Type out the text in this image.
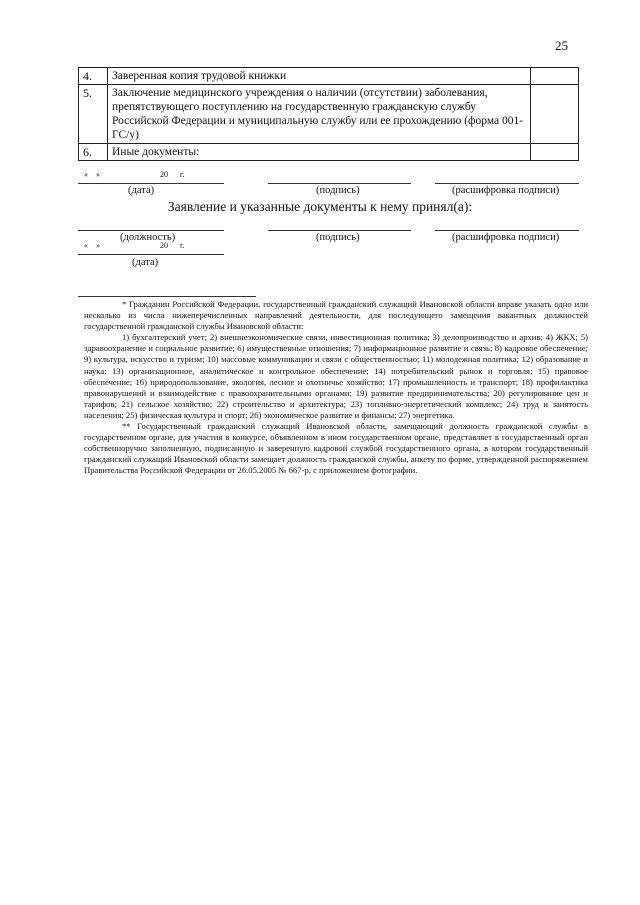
25
4.	Заверенная копия трудовой книжки	
5.	Заключение медицинского учреждения о наличии (отсутствии) заболевания, препятствующего поступлению на государственную гражданскую службу Российской Федерации и муниципальную службу или ее прохождению (форма 001-ГС/у)	
6.	Иные документы:	
«    »                              20      г.
(дата)	(подпись)	(расшифровка подписи)
Заявление и указанные документы к нему принял(а):
(должность)	(подпись)	(расшифровка подписи)
«    »                              20      г.
(дата)

* Гражданин Российской Федерации, государственный гражданский служащий Ивановской области вправе указать одно или несколько из числа нижеперечисленных направлений деятельности, для последующего замещения вакантных должностей государственной гражданской службы Ивановской области:

1) бухгалтерский учет; 2) внешнеэкономические связи, инвестиционная политика; 3) делопроизводство и архив; 4) ЖКХ; 5) здравоохранение и социальное развитие; 6) имущественные отношения; 7) информационное развитие и связь; 8) кадровое обеспечение; 9) культура, искусство и туризм; 10) массовые коммуникации и связи с общественностью; 11) молодежная политика; 12) образование и наука; 13) организационное, аналитическое и контрольное обеспечение; 14) потребительский рынок и торговля; 15) правовое обеспечение; 16) природопользование, экология, лесное и охотничье хозяйство; 17) промышленность и транспорт; 18) профилактика правонарушений и взаимодействие с правоохранительными органами; 19) развитие предпринимательства; 20) регулирование цен и тарифов; 21) сельское хозяйство; 22) строительство и архитектура; 23) топливно-энергетический комплекс; 24) труд и занятость населения; 25) физическая культура и спорт; 26) экономическое развитие и финансы; 27) энергетика.

** Государственный гражданский служащий Ивановской области, замещающий должность гражданской службы в государственном органе, для участия в конкурсе, объявленном в ином государственном органе, представляет в государственный орган собственноручно заполненную, подписанную и заверенную кадровой службой государственного органа, в котором государственный гражданский служащий Ивановской области замещает должность гражданской службы, анкету по форме, утвержденной распоряжением Правительства Российской Федерации от 26.05.2005 № 667-р, с приложением фотографии.
